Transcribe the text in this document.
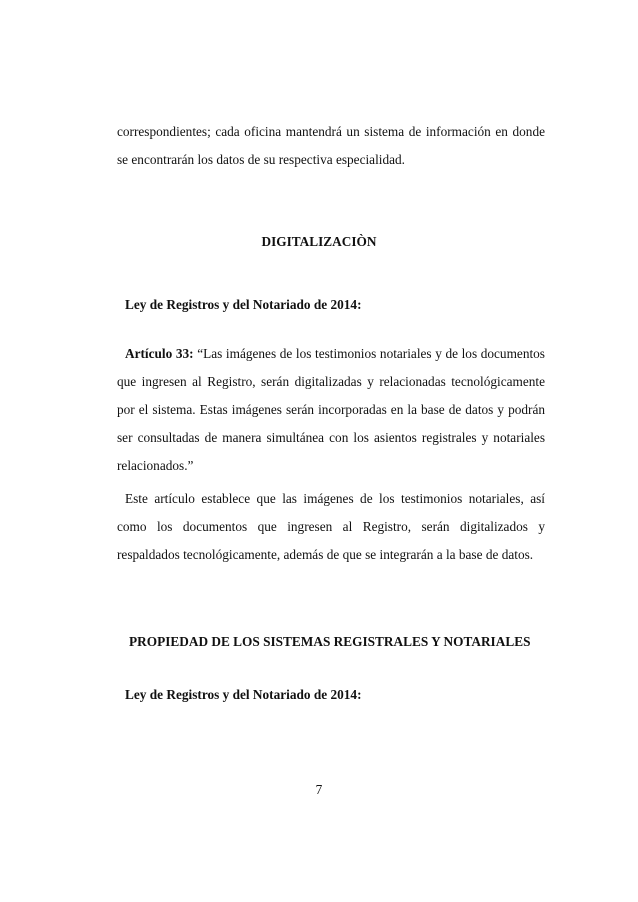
correspondientes; cada oficina mantendrá un sistema de información en donde se encontrarán los datos de su respectiva especialidad.

DIGITALIZACIÒN
Ley de Registros y del Notariado de 2014:

Artículo 33: “Las imágenes de los testimonios notariales y de los documentos que ingresen al Registro, serán digitalizadas y relacionadas tecnológicamente por el sistema. Estas imágenes serán incorporadas en la base de datos y podrán ser consultadas de manera simultánea con los asientos registrales y notariales relacionados.”

Este artículo establece que las imágenes de los testimonios notariales, así como los documentos que ingresen al Registro, serán digitalizados y respaldados tecnológicamente, además de que se integrarán a la base de datos.

PROPIEDAD DE LOS SISTEMAS REGISTRALES Y NOTARIALES
Ley de Registros y del Notariado de 2014:
7
